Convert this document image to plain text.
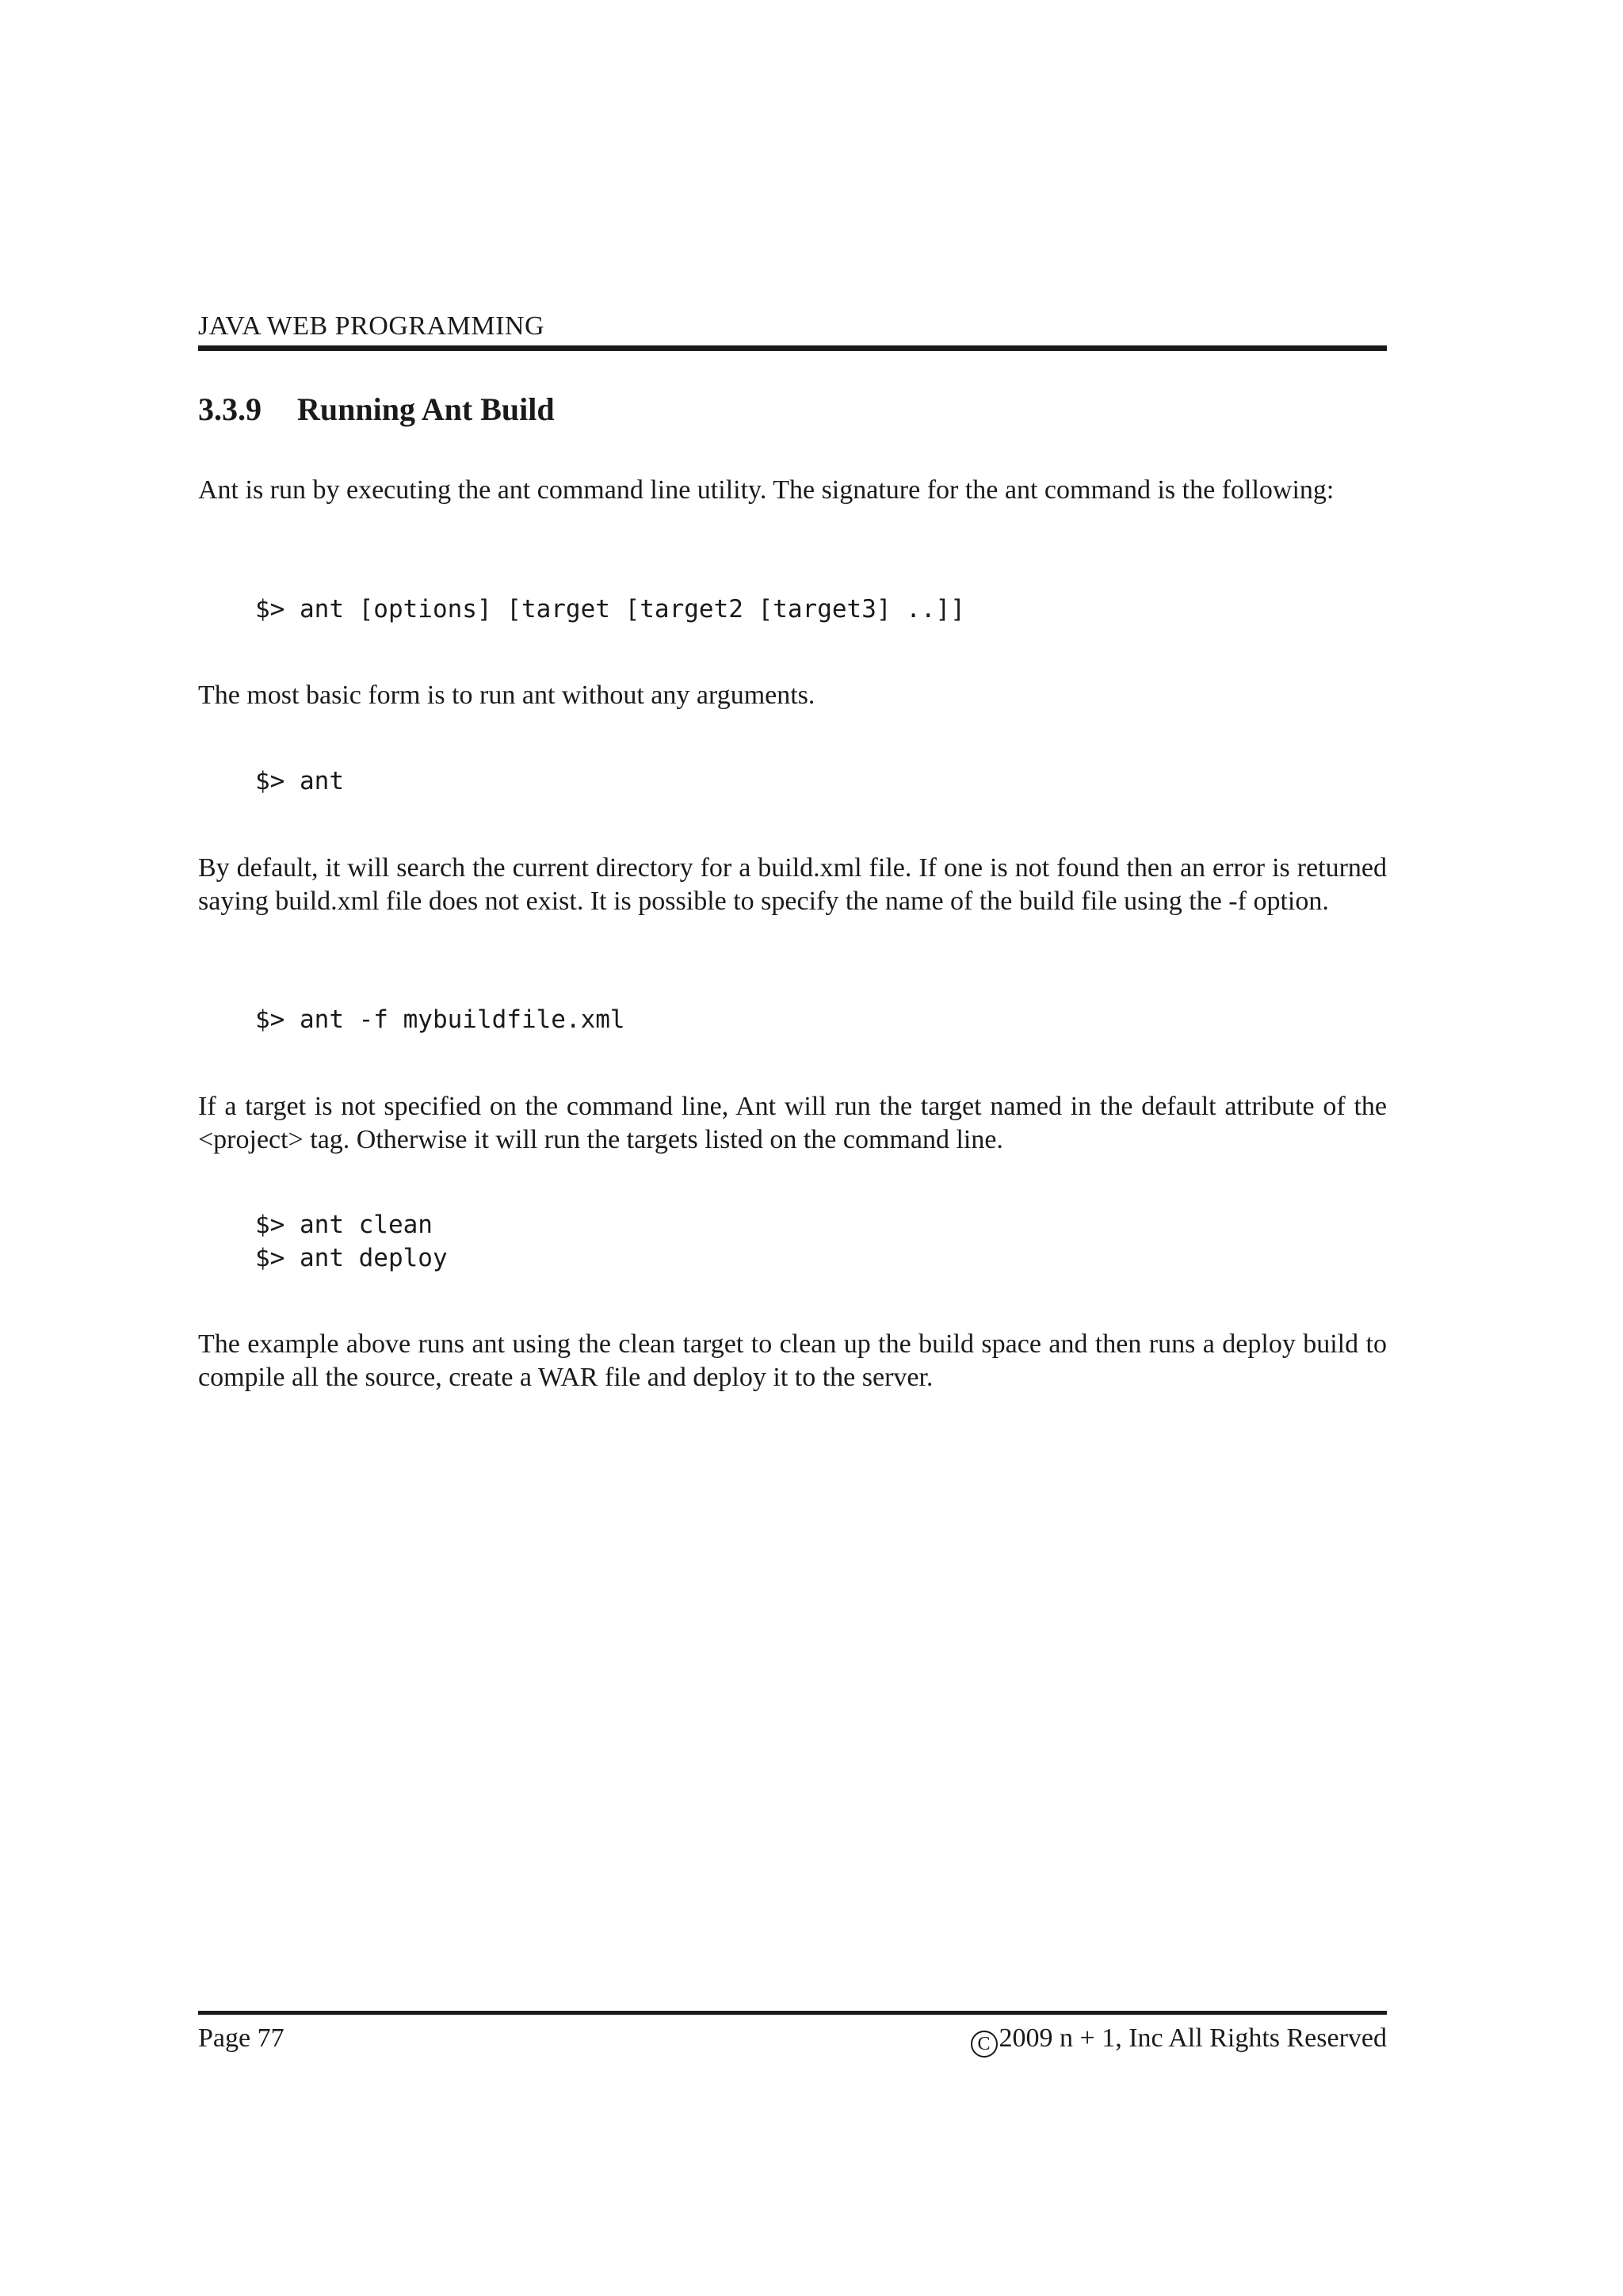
JAVA WEB PROGRAMMING
3.3.9 Running Ant Build
Ant is run by executing the ant command line utility. The signature for the ant command is the following:
$> ant [options] [target [target2 [target3] ..]]
The most basic form is to run ant without any arguments.
$> ant
By default, it will search the current directory for a build.xml file. If one is not found then an error is returned saying build.xml file does not exist. It is possible to specify the name of the build file using the -f option.
$> ant -f mybuildfile.xml
If a target is not specified on the command line, Ant will run the target named in the default attribute of the <project> tag. Otherwise it will run the targets listed on the command line.
$> ant clean
$> ant deploy
The example above runs ant using the clean target to clean up the build space and then runs a deploy build to compile all the source, create a WAR file and deploy it to the server.
Page 77	C 2009 n + 1, Inc All Rights Reserved
